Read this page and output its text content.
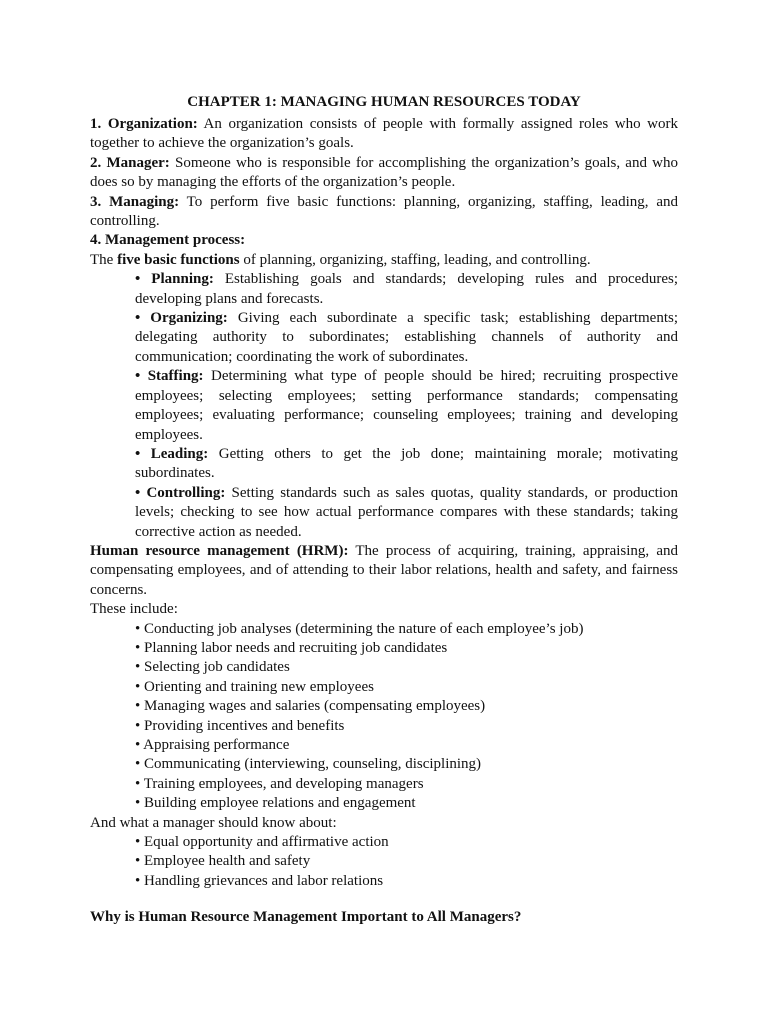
CHAPTER 1: MANAGING HUMAN RESOURCES TODAY

1. Organization: An organization consists of people with formally assigned roles who work together to achieve the organization’s goals.

2. Manager: Someone who is responsible for accomplishing the organization’s goals, and who does so by managing the efforts of the organization’s people.

3. Managing: To perform five basic functions: planning, organizing, staffing, leading, and controlling.

4. Management process:

The five basic functions of planning, organizing, staffing, leading, and controlling.

• Planning: Establishing goals and standards; developing rules and procedures; developing plans and forecasts.

• Organizing: Giving each subordinate a specific task; establishing departments; delegating authority to subordinates; establishing channels of authority and communication; coordinating the work of subordinates.

• Staffing: Determining what type of people should be hired; recruiting prospective employees; selecting employees; setting performance standards; compensating employees; evaluating performance; counseling employees; training and developing employees.

• Leading: Getting others to get the job done; maintaining morale; motivating subordinates.

• Controlling: Setting standards such as sales quotas, quality standards, or production levels; checking to see how actual performance compares with these standards; taking corrective action as needed.

Human resource management (HRM): The process of acquiring, training, appraising, and compensating employees, and of attending to their labor relations, health and safety, and fairness concerns.

These include:

• Conducting job analyses (determining the nature of each employee’s job)

• Planning labor needs and recruiting job candidates

• Selecting job candidates

• Orienting and training new employees

• Managing wages and salaries (compensating employees)

• Providing incentives and benefits

• Appraising performance

• Communicating (interviewing, counseling, disciplining)

• Training employees, and developing managers

• Building employee relations and engagement

And what a manager should know about:

• Equal opportunity and affirmative action

• Employee health and safety

• Handling grievances and labor relations

Why is Human Resource Management Important to All Managers?
